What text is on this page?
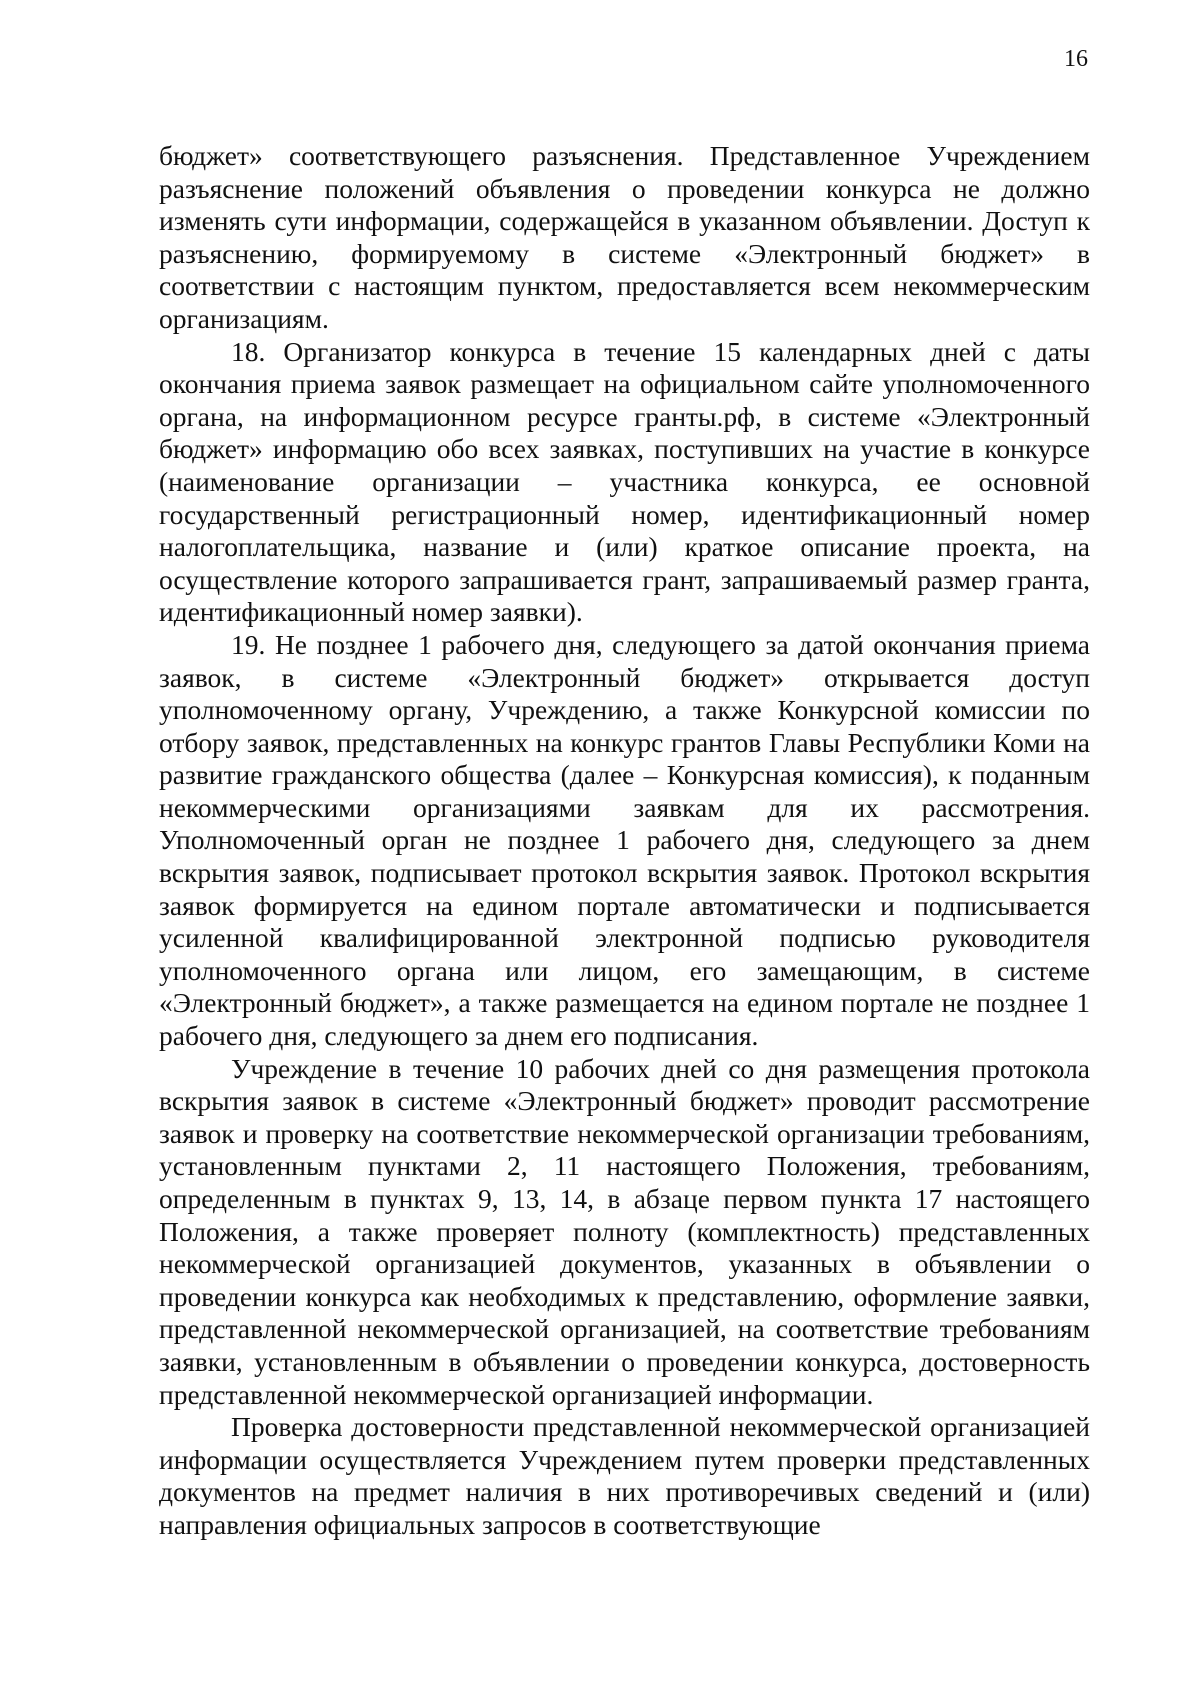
16

бюджет» соответствующего разъяснения. Представленное Учреждением разъяснение положений объявления о проведении конкурса не должно изменять сути информации, содержащейся в указанном объявлении. Доступ к разъяснению, формируемому в системе «Электронный бюджет» в соответствии с настоящим пунктом, предоставляется всем некоммерческим организациям.

18. Организатор конкурса в течение 15 календарных дней с даты окончания приема заявок размещает на официальном сайте уполномоченного органа, на информационном ресурсе гранты.рф, в системе «Электронный бюджет» информацию обо всех заявках, поступивших на участие в конкурсе (наименование организации – участника конкурса, ее основной государственный регистрационный номер, идентификационный номер налогоплательщика, название и (или) краткое описание проекта, на осуществление которого запрашивается грант, запрашиваемый размер гранта, идентификационный номер заявки).

19. Не позднее 1 рабочего дня, следующего за датой окончания приема заявок, в системе «Электронный бюджет» открывается доступ уполномоченному органу, Учреждению, а также Конкурсной комиссии по отбору заявок, представленных на конкурс грантов Главы Республики Коми на развитие гражданского общества (далее – Конкурсная комиссия), к поданным некоммерческими организациями заявкам для их рассмотрения. Уполномоченный орган не позднее 1 рабочего дня, следующего за днем вскрытия заявок, подписывает протокол вскрытия заявок. Протокол вскрытия заявок формируется на едином портале автоматически и подписывается усиленной квалифицированной электронной подписью руководителя уполномоченного органа или лицом, его замещающим, в системе «Электронный бюджет», а также размещается на едином портале не позднее 1 рабочего дня, следующего за днем его подписания.

Учреждение в течение 10 рабочих дней со дня размещения протокола вскрытия заявок в системе «Электронный бюджет» проводит рассмотрение заявок и проверку на соответствие некоммерческой организации требованиям, установленным пунктами 2, 11 настоящего Положения, требованиям, определенным в пунктах 9, 13, 14, в абзаце первом пункта 17 настоящего Положения, а также проверяет полноту (комплектность) представленных некоммерческой организацией документов, указанных в объявлении о проведении конкурса как необходимых к представлению, оформление заявки, представленной некоммерческой организацией, на соответствие требованиям заявки, установленным в объявлении о проведении конкурса, достоверность представленной некоммерческой организацией информации.

Проверка достоверности представленной некоммерческой организацией информации осуществляется Учреждением путем проверки представленных документов на предмет наличия в них противоречивых сведений и (или) направления официальных запросов в соответствующие
